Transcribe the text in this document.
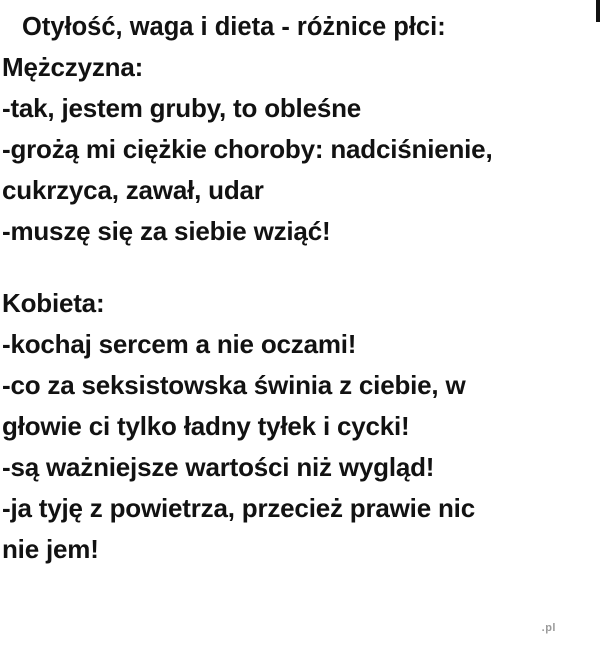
Otyłość, waga i dieta - różnice płci:
Mężczyzna:
-tak, jestem gruby, to obleśne
-grożą mi ciężkie choroby: nadciśnienie,
cukrzyca, zawał, udar
-muszę się za siebie wziąć!
Kobieta:
-kochaj sercem a nie oczami!
-co za seksistowska świnia z ciebie, w
głowie ci tylko ładny tyłek i cycki!
-są ważniejsze wartości niż wygląd!
-ja tyję z powietrza, przecież prawie nic
nie jem!
.pl
